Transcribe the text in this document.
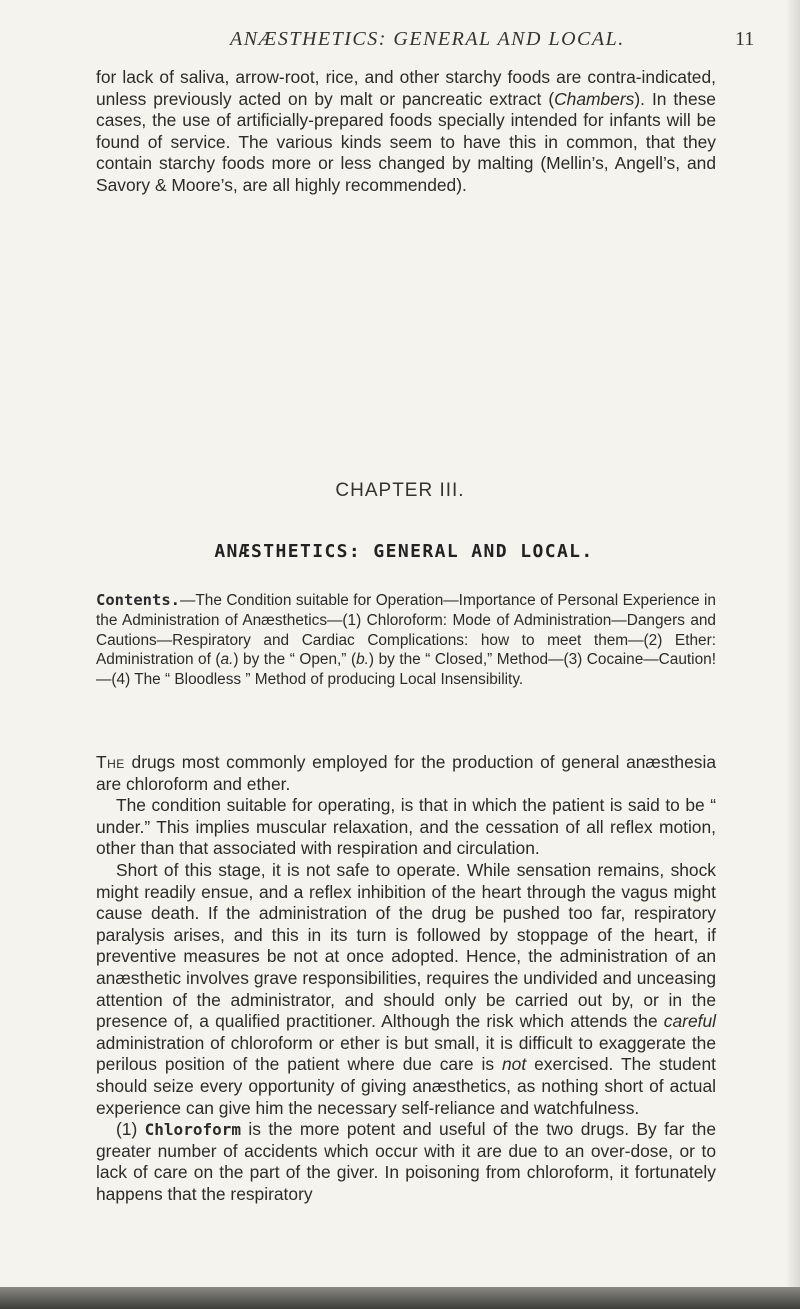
ANÆSTHETICS: GENERAL AND LOCAL.	11
for lack of saliva, arrow-root, rice, and other starchy foods are contra-indicated, unless previously acted on by malt or pancreatic extract (Chambers). In these cases, the use of artificially-prepared foods specially intended for infants will be found of service. The various kinds seem to have this in common, that they contain starchy foods more or less changed by malting (Mellin’s, Angell’s, and Savory & Moore’s, are all highly recommended).
CHAPTER III.
ANÆSTHETICS: GENERAL AND LOCAL.
Contents.—The Condition suitable for Operation—Importance of Personal Experience in the Administration of Anæsthetics—(1) Chloroform: Mode of Administration—Dangers and Cautions—Respiratory and Cardiac Complications: how to meet them—(2) Ether: Administration of (a.) by the “ Open,” (b.) by the “ Closed,” Method—(3) Cocaine—Caution!—(4) The “ Bloodless ” Method of producing Local Insensibility.

The drugs most commonly employed for the production of general anæsthesia are chloroform and ether.

The condition suitable for operating, is that in which the patient is said to be “ under.” This implies muscular relaxation, and the cessation of all reflex motion, other than that associated with respiration and circulation.

Short of this stage, it is not safe to operate. While sensation remains, shock might readily ensue, and a reflex inhibition of the heart through the vagus might cause death. If the administration of the drug be pushed too far, respiratory paralysis arises, and this in its turn is followed by stoppage of the heart, if preventive measures be not at once adopted. Hence, the administration of an anæsthetic involves grave responsibilities, requires the undivided and unceasing attention of the administrator, and should only be carried out by, or in the presence of, a qualified practitioner. Although the risk which attends the careful administration of chloroform or ether is but small, it is difficult to exaggerate the perilous position of the patient where due care is not exercised. The student should seize every opportunity of giving anæsthetics, as nothing short of actual experience can give him the necessary self-reliance and watchfulness.

(1) Chloroform is the more potent and useful of the two drugs. By far the greater number of accidents which occur with it are due to an over-dose, or to lack of care on the part of the giver. In poisoning from chloroform, it fortunately happens that the respiratory
